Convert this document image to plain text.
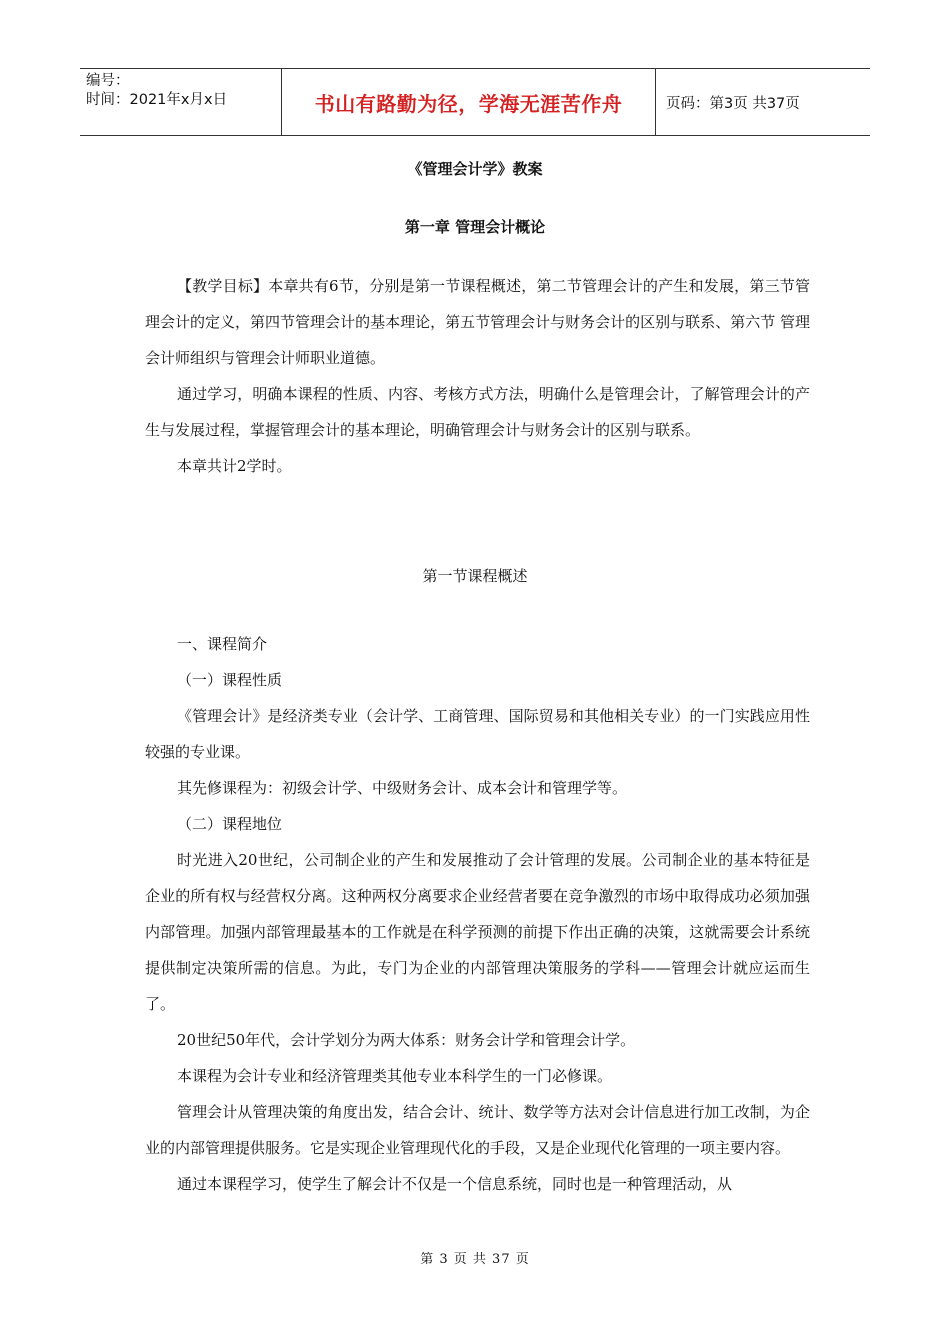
编号：
时间：2021年x月x日	书山有路勤为径，学海无涯苦作舟	页码：第3页 共37页
《管理会计学》教案
第一章 管理会计概论

【教学目标】本章共有6节，分别是第一节课程概述，第二节管理会计的产生和发展，第三节管理会计的定义，第四节管理会计的基本理论，第五节管理会计与财务会计的区别与联系、第六节 管理会计师组织与管理会计师职业道德。

通过学习，明确本课程的性质、内容、考核方式方法，明确什么是管理会计，了解管理会计的产生与发展过程，掌握管理会计的基本理论，明确管理会计与财务会计的区别与联系。

本章共计2学时。

第一节课程概述

一、课程简介

（一）课程性质

《管理会计》是经济类专业（会计学、工商管理、国际贸易和其他相关专业）的一门实践应用性较强的专业课。

其先修课程为：初级会计学、中级财务会计、成本会计和管理学等。

（二）课程地位

时光进入20世纪，公司制企业的产生和发展推动了会计管理的发展。公司制企业的基本特征是企业的所有权与经营权分离。这种两权分离要求企业经营者要在竞争激烈的市场中取得成功必须加强内部管理。加强内部管理最基本的工作就是在科学预测的前提下作出正确的决策，这就需要会计系统提供制定决策所需的信息。为此，专门为企业的内部管理决策服务的学科——管理会计就应运而生了。

20世纪50年代，会计学划分为两大体系：财务会计学和管理会计学。

本课程为会计专业和经济管理类其他专业本科学生的一门必修课。

管理会计从管理决策的角度出发，结合会计、统计、数学等方法对会计信息进行加工改制，为企业的内部管理提供服务。它是实现企业管理现代化的手段，又是企业现代化管理的一项主要内容。

通过本课程学习，使学生了解会计不仅是一个信息系统，同时也是一种管理活动，从

第 3 页 共 37 页
